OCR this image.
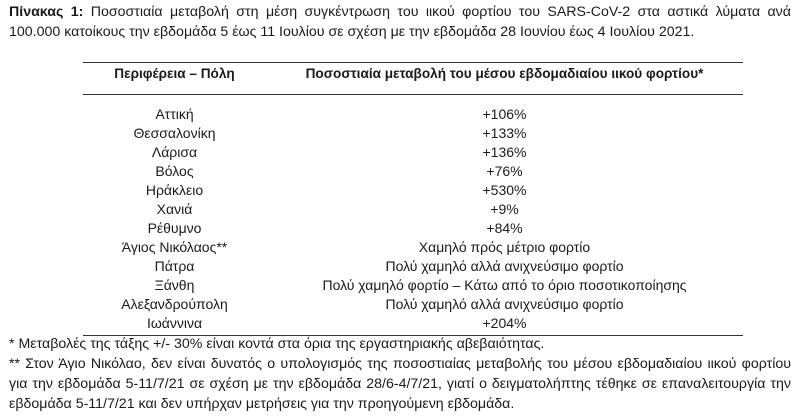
Πίνακας 1: Ποσοστιαία μεταβολή στη μέση συγκέντρωση του ιικού φορτίου του SARS-CoV-2 στα αστικά λύματα ανά 100.000 κατοίκους την εβδομάδα 5 έως 11 Ιουλίου σε σχέση με την εβδομάδα 28 Ιουνίου έως 4 Ιουλίου 2021.
Περιφέρεια – Πόλη	Ποσοστιαία μεταβολή του μέσου εβδομαδιαίου ιικού φορτίου*
Αττική	+106%
Θεσσαλονίκη	+133%
Λάρισα	+136%
Βόλος	+76%
Ηράκλειο	+530%
Χανιά	+9%
Ρέθυμνο	+84%
Άγιος Νικόλαος**	Χαμηλό πρός μέτριο φορτίο
Πάτρα	Πολύ χαμηλό αλλά ανιχνεύσιμο φορτίο
Ξάνθη	Πολύ χαμηλό φορτίο – Κάτω από το όριο ποσοτικοποίησης
Αλεξανδρούπολη	Πολύ χαμηλό αλλά ανιχνεύσιμο φορτίο
Ιωάννινα	+204%

* Μεταβολές της τάξης +/- 30% είναι κοντά στα όρια της εργαστηριακής αβεβαιότητας.

** Στον Άγιο Νικόλαο, δεν είναι δυνατός ο υπολογισμός της ποσοστιαίας μεταβολής του μέσου εβδομαδιαίου ιικού φορτίου για την εβδομάδα 5-11/7/21 σε σχέση με την εβδομάδα 28/6-4/7/21, γιατί ο δειγματολήπτης τέθηκε σε επαναλειτουργία την εβδομάδα 5-11/7/21 και δεν υπήρχαν μετρήσεις για την προηγούμενη εβδομάδα.
